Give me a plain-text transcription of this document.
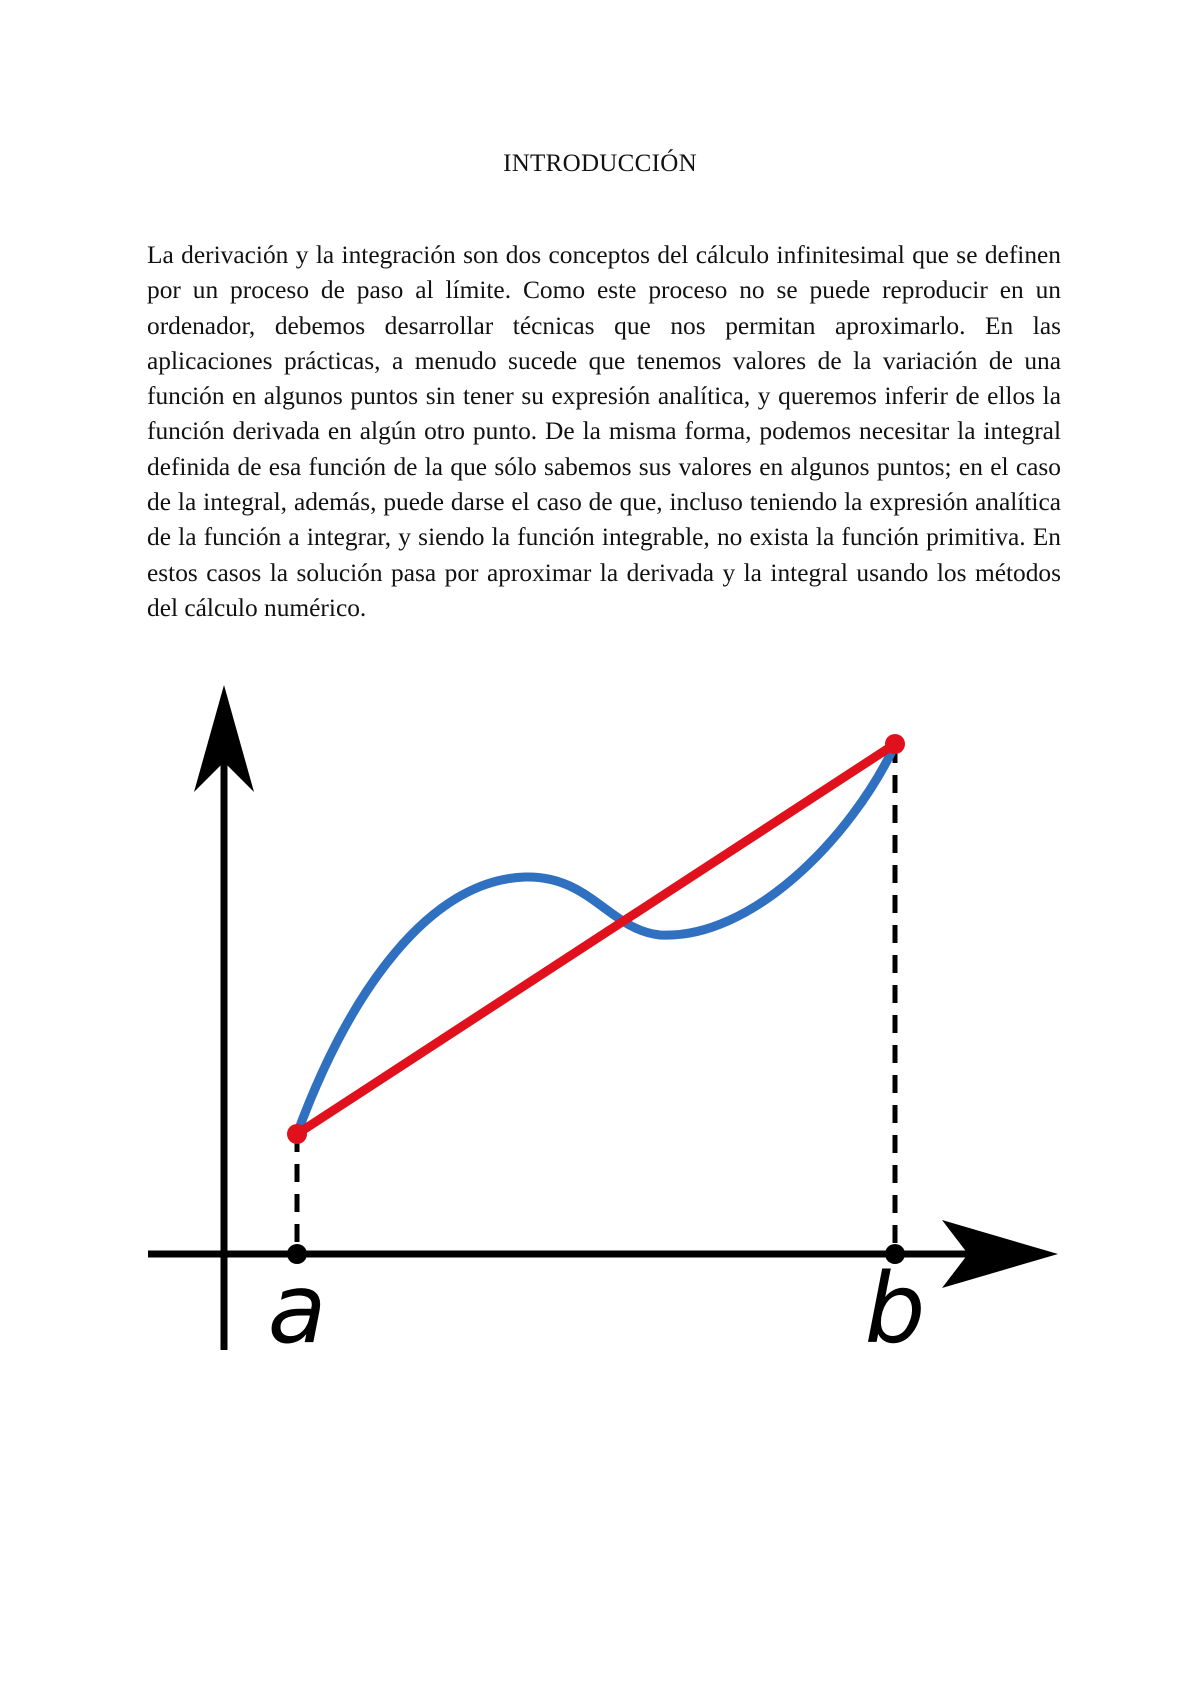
INTRODUCCIÓN

La derivación y la integración son dos conceptos del cálculo infinitesimal que se definen por un proceso de paso al límite. Como este proceso no se puede reproducir en un ordenador, debemos desarrollar técnicas que nos permitan aproximarlo. En las aplicaciones prácticas, a menudo sucede que tenemos valores de la variación de una función en algunos puntos sin tener su expresión analítica, y queremos inferir de ellos la función derivada en algún otro punto. De la misma forma, podemos necesitar la integral definida de esa función de la que sólo sabemos sus valores en algunos puntos; en el caso de la integral, además, puede darse el caso de que, incluso teniendo la expresión analítica de la función a integrar, y siendo la función integrable, no exista la función primitiva. En estos casos la solución pasa por aproximar la derivada y la integral usando los métodos del cálculo numérico.

a	b
